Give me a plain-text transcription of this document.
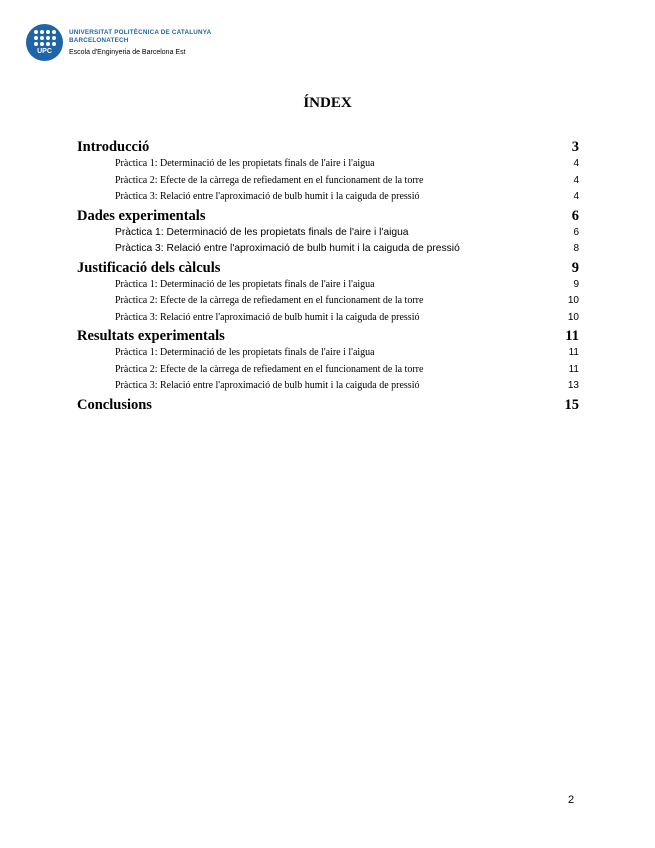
UPC
UNIVERSITAT POLITÈCNICA DE CATALUNYA
BARCELONATECH
Escola d'Enginyeria de Barcelona Est
ÍNDEX
Introducció	3
Pràctica 1: Determinació de les propietats finals de l'aire i l'aigua	4
Pràctica 2: Efecte de la càrrega de refiedament en el funcionament de la torre	4
Pràctica 3: Relació entre l'aproximació de bulb humit i la caiguda de pressió	4
Dades experimentals	6
Pràctica 1: Determinació de les propietats finals de l'aire i l'aigua	6
Pràctica 3: Relació entre l'aproximació de bulb humit i la caiguda de pressió	8
Justificació dels càlculs	9
Pràctica 1: Determinació de les propietats finals de l'aire i l'aigua	9
Pràctica 2: Efecte de la càrrega de refiedament en el funcionament de la torre	10
Pràctica 3: Relació entre l'aproximació de bulb humit i la caiguda de pressió	10
Resultats experimentals	11
Pràctica 1: Determinació de les propietats finals de l'aire i l'aigua	11
Pràctica 2: Efecte de la càrrega de refiedament en el funcionament de la torre	11
Pràctica 3: Relació entre l'aproximació de bulb humit i la caiguda de pressió	13
Conclusions	15
2
